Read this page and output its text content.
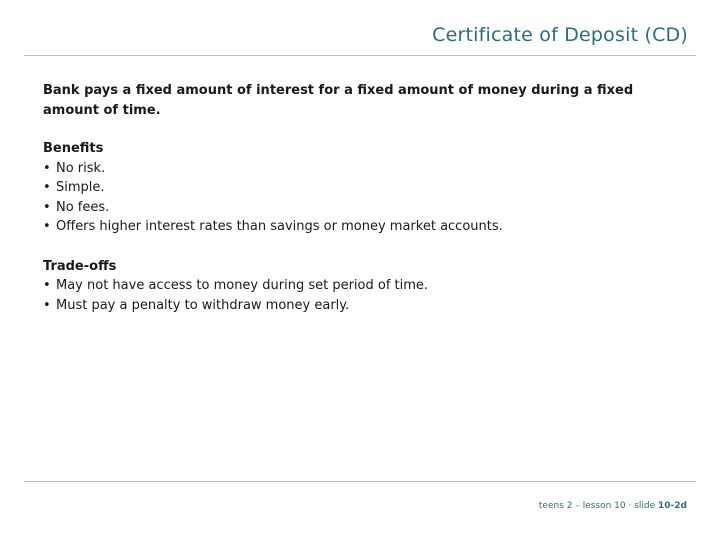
Certificate of Deposit (CD)

Bank pays a fixed amount of interest for a fixed amount of money during a fixed amount of time.

Benefits

• No risk.
• Simple.
• No fees.
• Offers higher interest rates than savings or money market accounts.

Trade-offs

• May not have access to money during set period of time.
• Must pay a penalty to withdraw money early.
teens 2 – lesson 10 · slide 10-2d
